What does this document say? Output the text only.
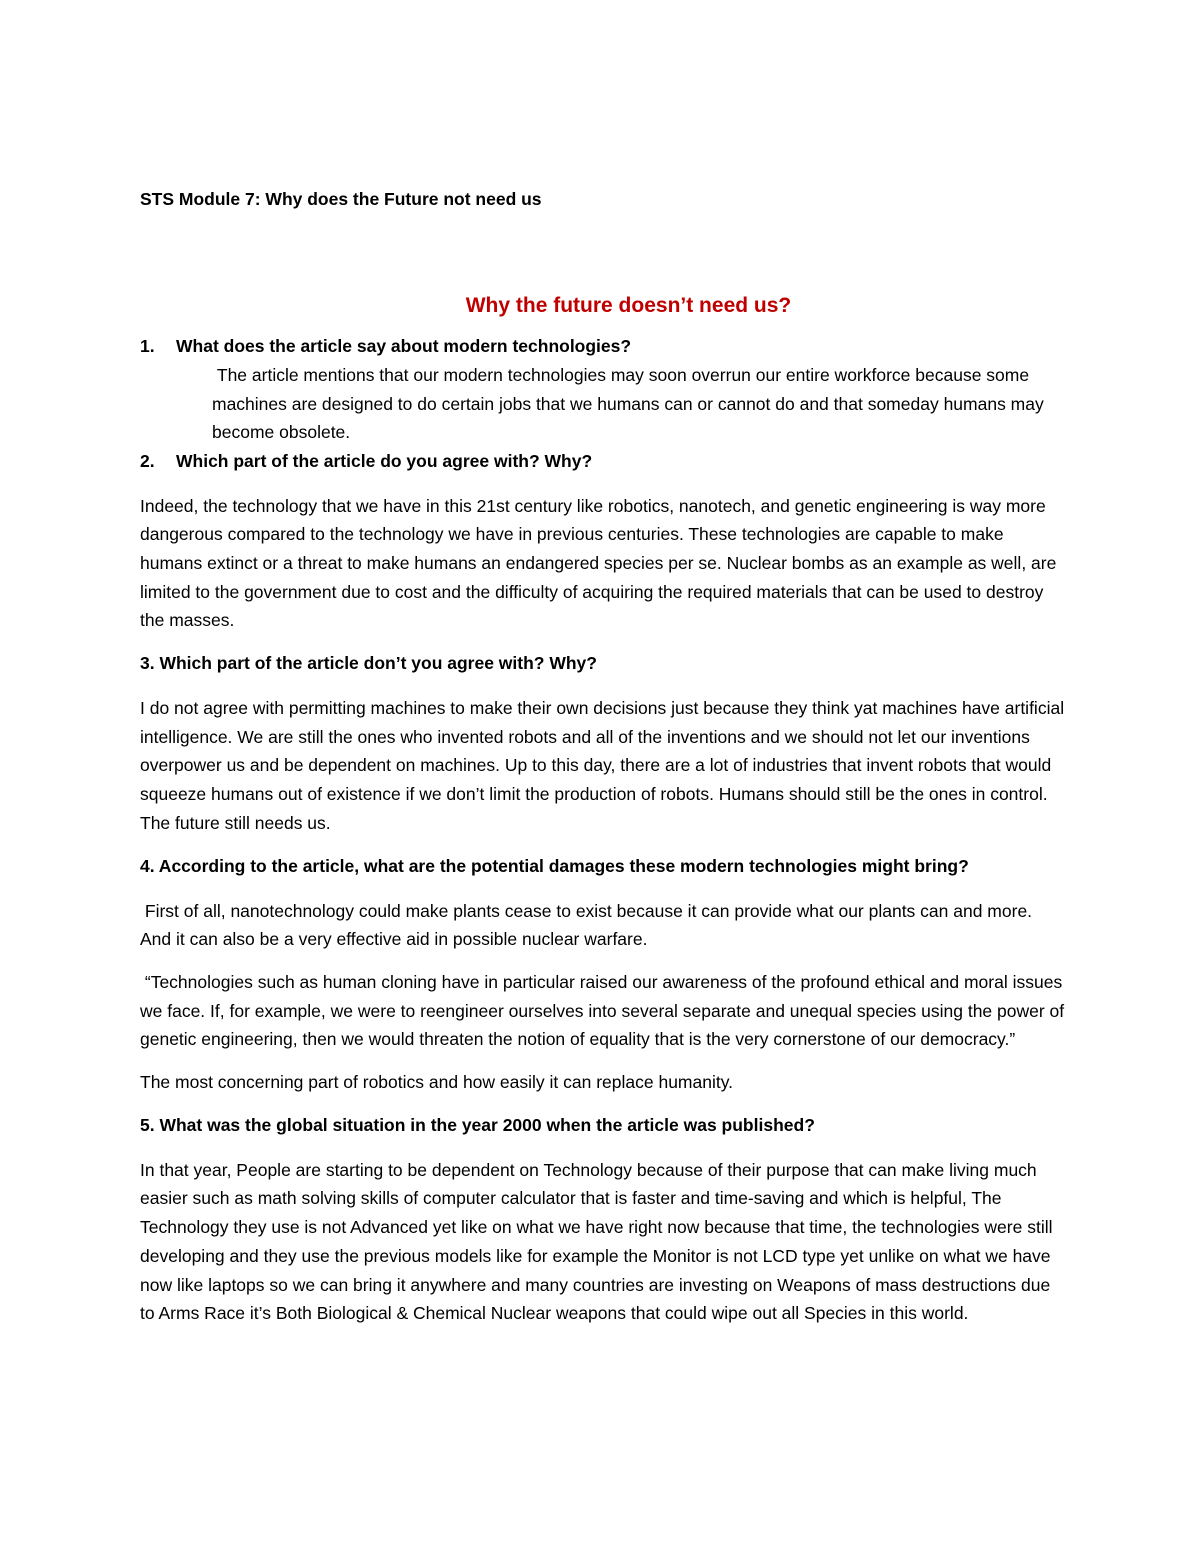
STS Module 7: Why does the Future not need us

Why the future doesn’t need us?

1.	What does the article say about modern technologies?

The article mentions that our modern technologies may soon overrun our entire workforce because some machines are designed to do certain jobs that we humans can or cannot do and that someday humans may become obsolete.

2.	Which part of the article do you agree with? Why?

Indeed, the technology that we have in this 21st century like robotics, nanotech, and genetic engineering is way more dangerous compared to the technology we have in previous centuries. These technologies are capable to make humans extinct or a threat to make humans an endangered species per se. Nuclear bombs as an example as well, are limited to the government due to cost and the difficulty of acquiring the required materials that can be used to destroy the masses.

3. Which part of the article don’t you agree with? Why?

I do not agree with permitting machines to make their own decisions just because they think yat machines have artificial intelligence. We are still the ones who invented robots and all of the inventions and we should not let our inventions overpower us and be dependent on machines. Up to this day, there are a lot of industries that invent robots that would squeeze humans out of existence if we don’t limit the production of robots. Humans should still be the ones in control. The future still needs us.

4. According to the article, what are the potential damages these modern technologies might bring?

First of all, nanotechnology could make plants cease to exist because it can provide what our plants can and more. And it can also be a very effective aid in possible nuclear warfare.

“Technologies such as human cloning have in particular raised our awareness of the profound ethical and moral issues we face. If, for example, we were to reengineer ourselves into several separate and unequal species using the power of genetic engineering, then we would threaten the notion of equality that is the very cornerstone of our democracy.”

The most concerning part of robotics and how easily it can replace humanity.

5. What was the global situation in the year 2000 when the article was published?

In that year, People are starting to be dependent on Technology because of their purpose that can make living much easier such as math solving skills of computer calculator that is faster and time-saving and which is helpful, The Technology they use is not Advanced yet like on what we have right now because that time, the technologies were still developing and they use the previous models like for example the Monitor is not LCD type yet unlike on what we have now like laptops so we can bring it anywhere and many countries are investing on Weapons of mass destructions due to Arms Race it’s Both Biological & Chemical Nuclear weapons that could wipe out all Species in this world.
